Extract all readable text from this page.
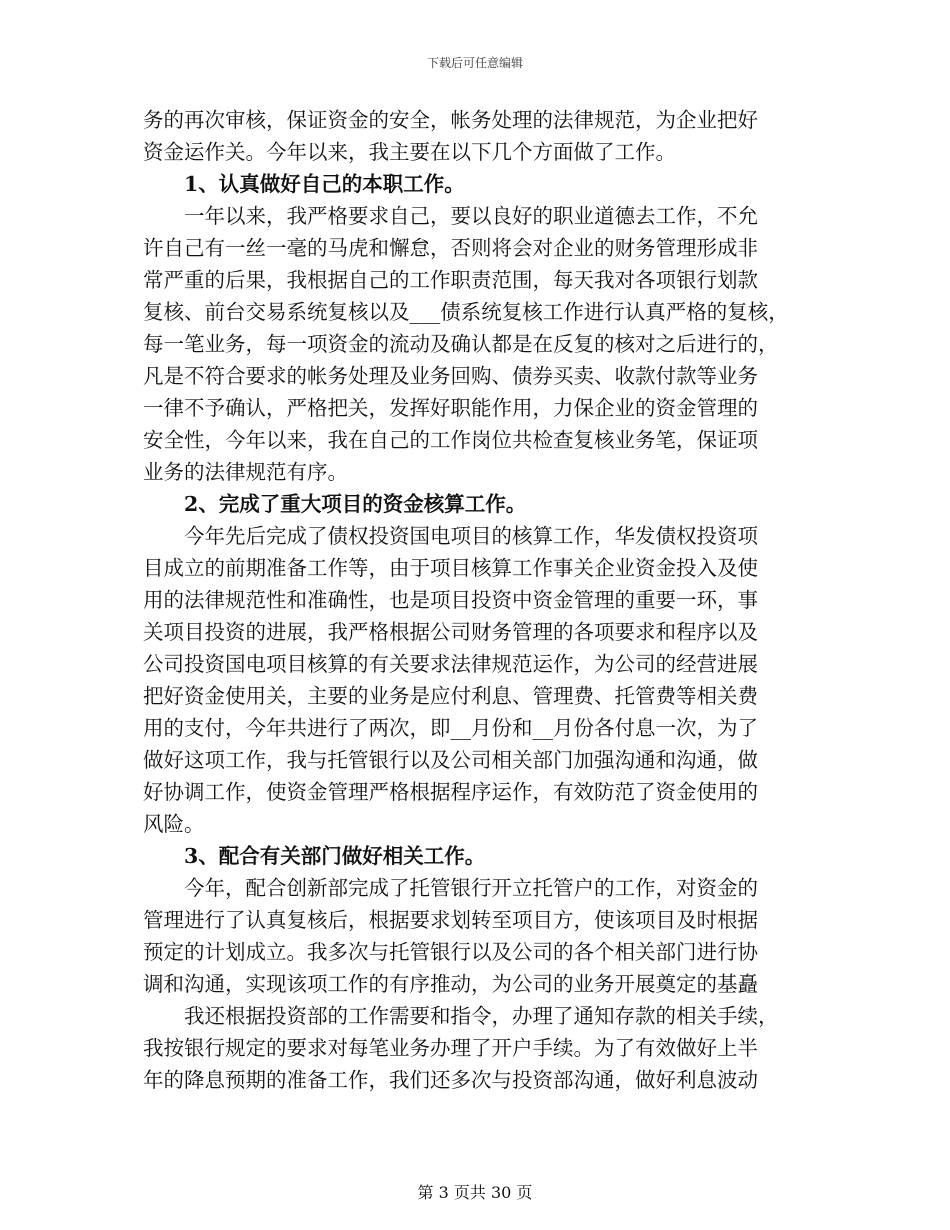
下载后可任意编辑
务的再次审核，保证资金的安全，帐务处理的法律规范，为企业把好
资金运作关。今年以来，我主要在以下几个方面做了工作。
1、认真做好自己的本职工作。
一年以来，我严格要求自己，要以良好的职业道德去工作，不允
许自己有一丝一毫的马虎和懈怠，否则将会对企业的财务管理形成非
常严重的后果，我根据自己的工作职责范围，每天我对各项银行划款
复核、前台交易系统复核以及___债系统复核工作进行认真严格的复核，
每一笔业务，每一项资金的流动及确认都是在反复的核对之后进行的，
凡是不符合要求的帐务处理及业务回购、债券买卖、收款付款等业务
一律不予确认，严格把关，发挥好职能作用，力保企业的资金管理的
安全性，今年以来，我在自己的工作岗位共检查复核业务笔，保证项
业务的法律规范有序。
2、完成了重大项目的资金核算工作。
今年先后完成了债权投资国电项目的核算工作，华发债权投资项
目成立的前期准备工作等，由于项目核算工作事关企业资金投入及使
用的法律规范性和准确性，也是项目投资中资金管理的重要一环，事
关项目投资的进展，我严格根据公司财务管理的各项要求和程序以及
公司投资国电项目核算的有关要求法律规范运作，为公司的经营进展
把好资金使用关，主要的业务是应付利息、管理费、托管费等相关费
用的支付，今年共进行了两次，即__月份和__月份各付息一次，为了
做好这项工作，我与托管银行以及公司相关部门加强沟通和沟通，做
好协调工作，使资金管理严格根据程序运作，有效防范了资金使用的
风险。
3、配合有关部门做好相关工作。
今年，配合创新部完成了托管银行开立托管户的工作，对资金的
管理进行了认真复核后，根据要求划转至项目方，使该项目及时根据
预定的计划成立。我多次与托管银行以及公司的各个相关部门进行协
调和沟通，实现该项工作的有序推动，为公司的业务开展奠定的基矗
我还根据投资部的工作需要和指令，办理了通知存款的相关手续，
我按银行规定的要求对每笔业务办理了开户手续。为了有效做好上半
年的降息预期的准备工作，我们还多次与投资部沟通，做好利息波动
第 3 页共 30 页
